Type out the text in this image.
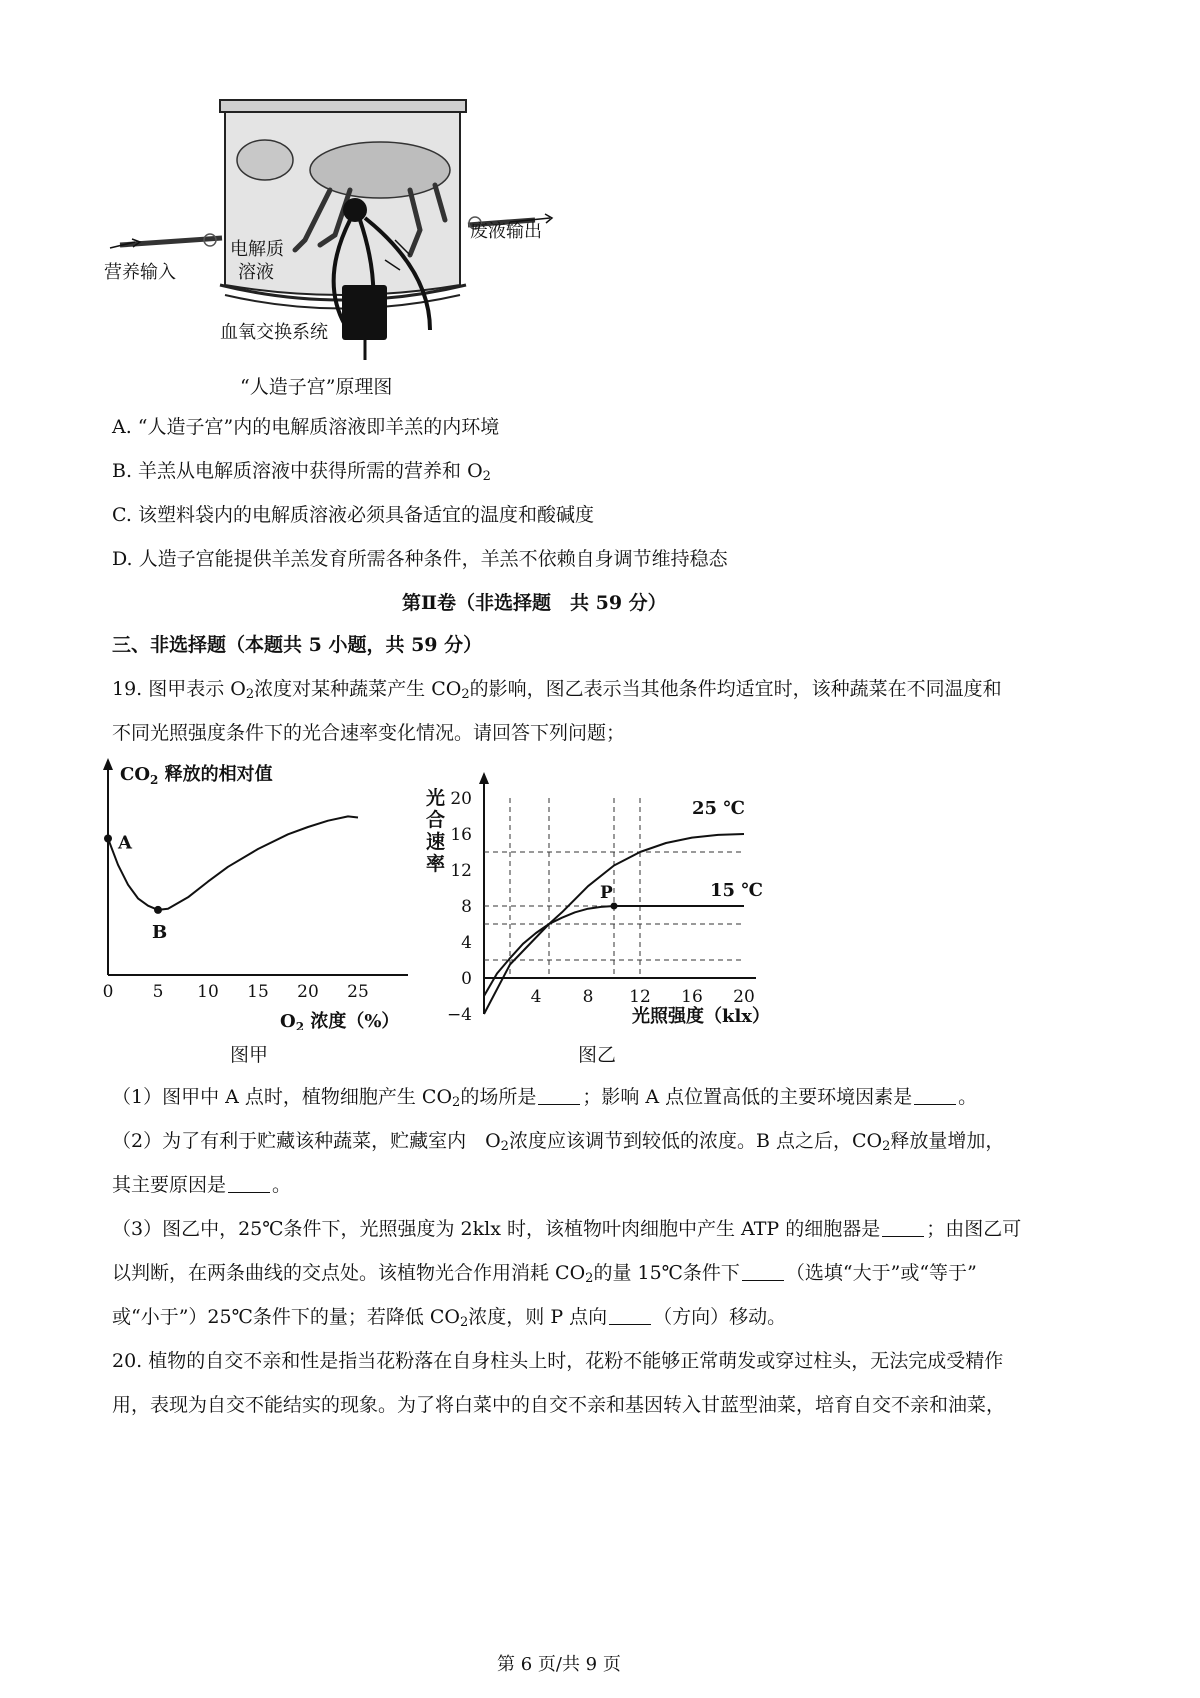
营养输入
电解质
溶液
废液输出
血氧交换系统
“人造子宫”原理图
A. “人造子宫”内的电解质溶液即羊羔的内环境
B. 羊羔从电解质溶液中获得所需的营养和 $O_2$
C. 该塑料袋内的电解质溶液必须具备适宜的温度和酸碱度
D. 人造子宫能提供羊羔发育所需各种条件，羊羔不依赖自身调节维持稳态
第Ⅱ卷（非选择题　共 59 分）
三、非选择题（本题共 5 小题，共 59 分）
19. 图甲表示 $O_2$浓度对某种蔬菜产生 $CO_2$的影响，图乙表示当其他条件均适宜时，该种蔬菜在不同温度和
不同光照强度条件下的光合速率变化情况。请回答下列问题；
$CO_2$ 释放的相对值
0 5 10 15 20 25
$O_2$ 浓度（%）
A
B
图甲
−4
0
4
8
12
16
20
4 8 12 16 20
光
合
速
率
光照强度（klx）
25 ℃
15 ℃
P
图乙
（1）图甲中 A 点时，植物细胞产生 $CO_2$的场所是 ；影响 A 点位置高低的主要环境因素是 。
（2）为了有利于贮藏该种蔬菜，贮藏室内　$O_2$浓度应该调节到较低的浓度。B 点之后，$CO_2$释放量增加，
其主要原因是 。
（3）图乙中，25℃条件下，光照强度为 2klx 时，该植物叶肉细胞中产生 ATP 的细胞器是 ；由图乙可
以判断，在两条曲线的交点处。该植物光合作用消耗 $CO_2$的量 15℃条件下 （选填“大于”或“等于”
或“小于”）25℃条件下的量；若降低 $CO_2$浓度，则 P 点向 （方向）移动。
20. 植物的自交不亲和性是指当花粉落在自身柱头上时，花粉不能够正常萌发或穿过柱头，无法完成受精作
用，表现为自交不能结实的现象。为了将白菜中的自交不亲和基因转入甘蓝型油菜，培育自交不亲和油菜，
第 6 页/共 9 页
